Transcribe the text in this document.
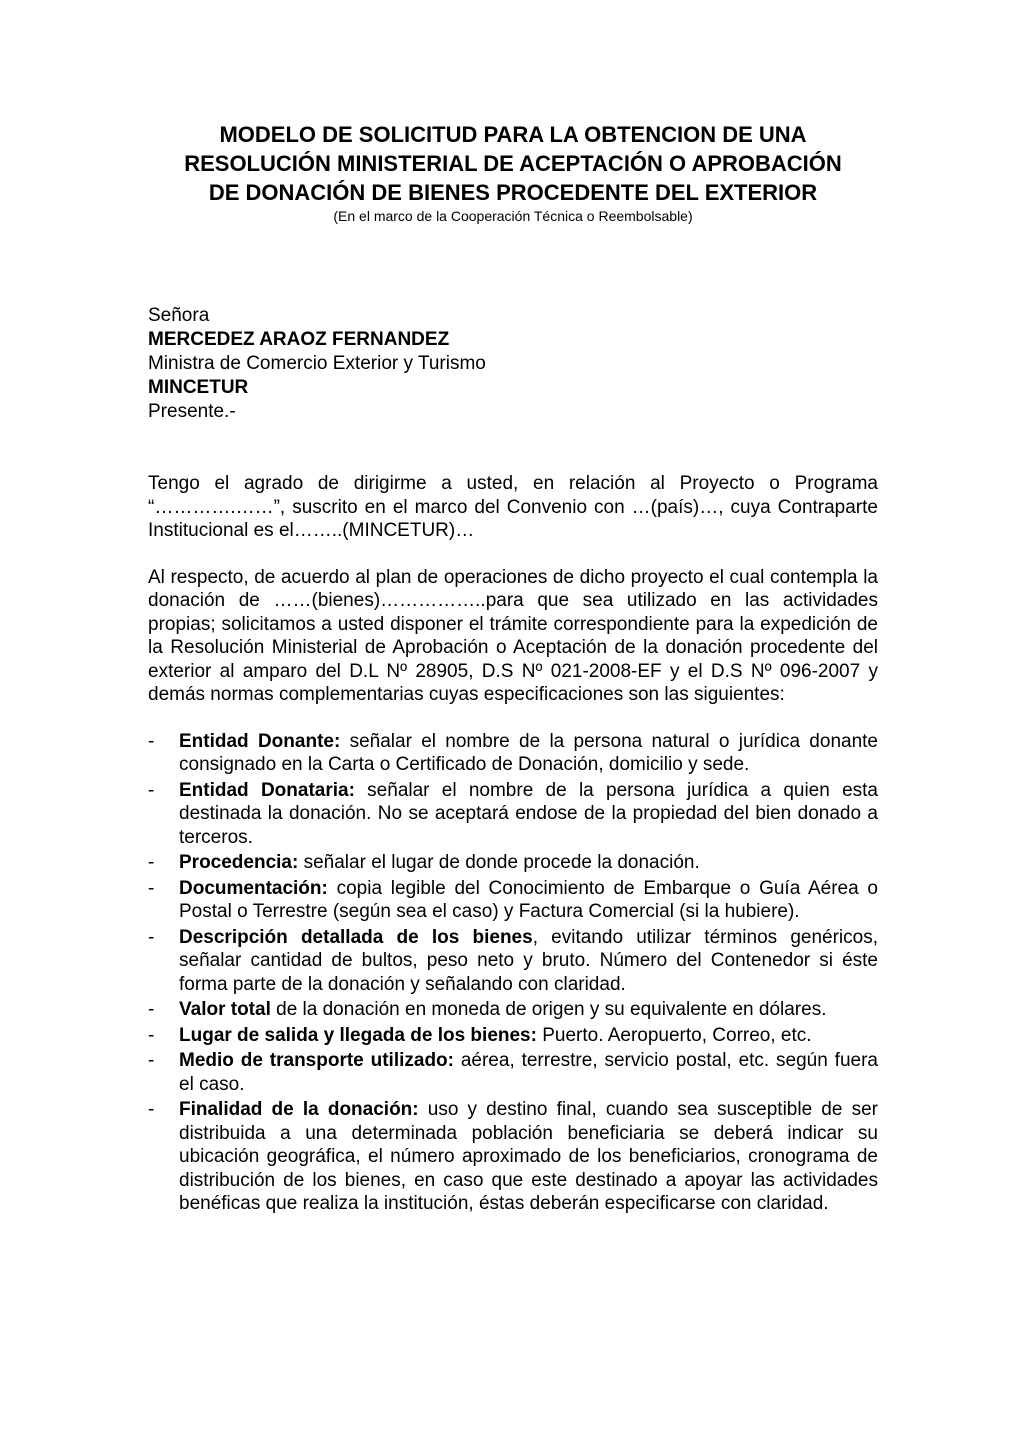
MODELO DE SOLICITUD PARA LA OBTENCION DE UNA
RESOLUCIÓN MINISTERIAL DE ACEPTACIÓN O APROBACIÓN
DE DONACIÓN DE BIENES PROCEDENTE DEL EXTERIOR
(En el marco de la Cooperación Técnica o Reembolsable)
Señora
MERCEDEZ ARAOZ FERNANDEZ
Ministra de Comercio Exterior y Turismo
MINCETUR
Presente.-

Tengo el agrado de dirigirme a usted, en relación al Proyecto o Programa “………….……”, suscrito en el marco del Convenio con …(país)…, cuya Contraparte Institucional es el……..(MINCETUR)…

Al respecto, de acuerdo al plan de operaciones de dicho proyecto el cual contempla la donación de ……(bienes)……………..para que sea utilizado en las actividades propias; solicitamos a usted disponer el trámite correspondiente para la expedición de la Resolución Ministerial de Aprobación o Aceptación de la donación procedente del exterior al amparo del D.L Nº 28905, D.S Nº 021-2008-EF y el D.S Nº 096-2007 y demás normas complementarias cuyas especificaciones son las siguientes:

- Entidad Donante: señalar el nombre de la persona natural o jurídica donante consignado en la Carta o Certificado de Donación, domicilio y sede.
- Entidad Donataria: señalar el nombre de la persona jurídica a quien esta destinada la donación. No se aceptará endose de la propiedad del bien donado a terceros.
- Procedencia: señalar el lugar de donde procede la donación.
- Documentación: copia legible del Conocimiento de Embarque o Guía Aérea o Postal o Terrestre (según sea el caso) y Factura Comercial (si la hubiere).
- Descripción detallada de los bienes, evitando utilizar términos genéricos, señalar cantidad de bultos, peso neto y bruto. Número del Contenedor si éste forma parte de la donación y señalando con claridad.
- Valor total de la donación en moneda de origen y su equivalente en dólares.
- Lugar de salida y llegada de los bienes: Puerto. Aeropuerto, Correo, etc.
- Medio de transporte utilizado: aérea, terrestre, servicio postal, etc. según fuera el caso.
- Finalidad de la donación: uso y destino final, cuando sea susceptible de ser distribuida a una determinada población beneficiaria se deberá indicar su ubicación geográfica, el número aproximado de los beneficiarios, cronograma de distribución de los bienes, en caso que este destinado a apoyar las actividades benéficas que realiza la institución, éstas deberán especificarse con claridad.
